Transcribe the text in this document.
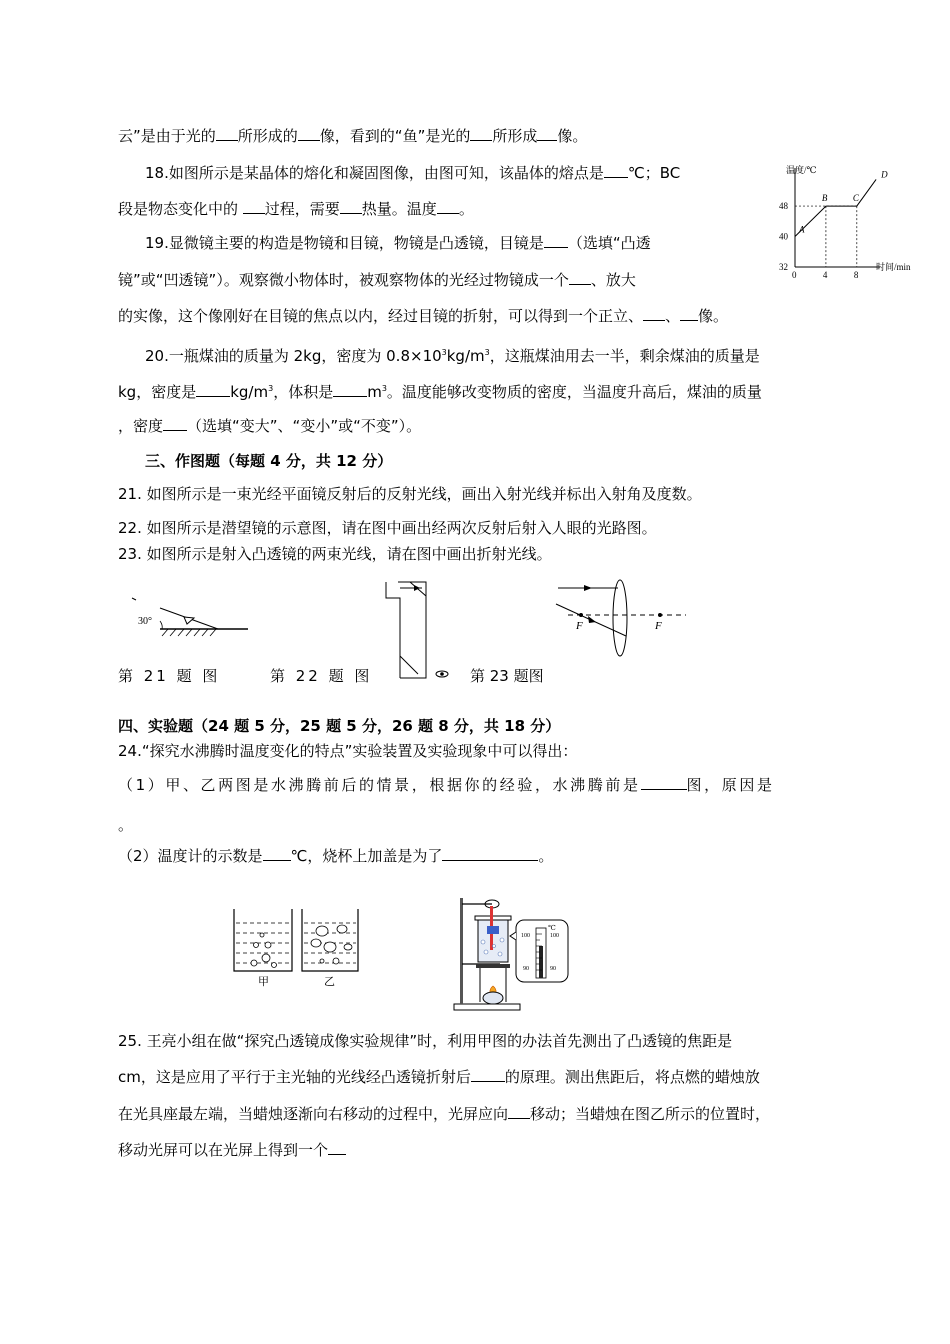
云”是由于光的 所形成的 像，看到的“鱼”是光的 所形成 像。
18.如图所示是某晶体的熔化和凝固图像，由图可知，该晶体的熔点是 ℃；BC
段是物态变化中的 过程，需要 热量。温度 。
温度/℃
48
40
32
0	4	8
A
B	C
D
时间/min
19.显微镜主要的构造是物镜和目镜，物镜是凸透镜，目镜是 （选填“凸透
镜”或“凹透镜”）。观察微小物体时，被观察物体的光经过物镜成一个 、放大
的实像，这个像刚好在目镜的焦点以内，经过目镜的折射，可以得到一个正立、 、 像。
20.一瓶煤油的质量为 2kg，密度为 $0.8\times 10^3kg/m^3$，这瓶煤油用去一半，剩余煤油的质量是
kg，密度是 $kg/m^3$，体积是 $m^3$。温度能够改变物质的密度，当温度升高后，煤油的质量
，密度 （选填“变大”、“变小”或“不变”）。
三、作图题（每题 4 分，共 12 分）
21. 如图所示是一束光经平面镜反射后的反射光线，画出入射光线并标出入射角及度数。
22. 如图所示是潜望镜的示意图，请在图中画出经两次反射后射入人眼的光路图。
23. 如图所示是射入凸透镜的两束光线，请在图中画出折射光线。
30°	F	F
第 21 题 图	第 22 题 图	第 23 题图
四、实验题（24 题 5 分，25 题 5 分，26 题 8 分，共 18 分）
24.“探究水沸腾时温度变化的特点”实验装置及实验现象中可以得出：
（1）甲、乙两图是水沸腾前后的情景，根据你的经验，水沸腾前是	图，原因是
。
（2）温度计的示数是 ℃，烧杯上加盖是为了	。
甲	乙
℃
100	100
90	90
25. 王亮小组在做“探究凸透镜成像实验规律”时，利用甲图的办法首先测出了凸透镜的焦距是
cm，这是应用了平行于主光轴的光线经凸透镜折射后 的原理。测出焦距后，将点燃的蜡烛放
在光具座最左端，当蜡烛逐渐向右移动的过程中，光屏应向 移动；当蜡烛在图乙所示的位置时，
移动光屏可以在光屏上得到一个
